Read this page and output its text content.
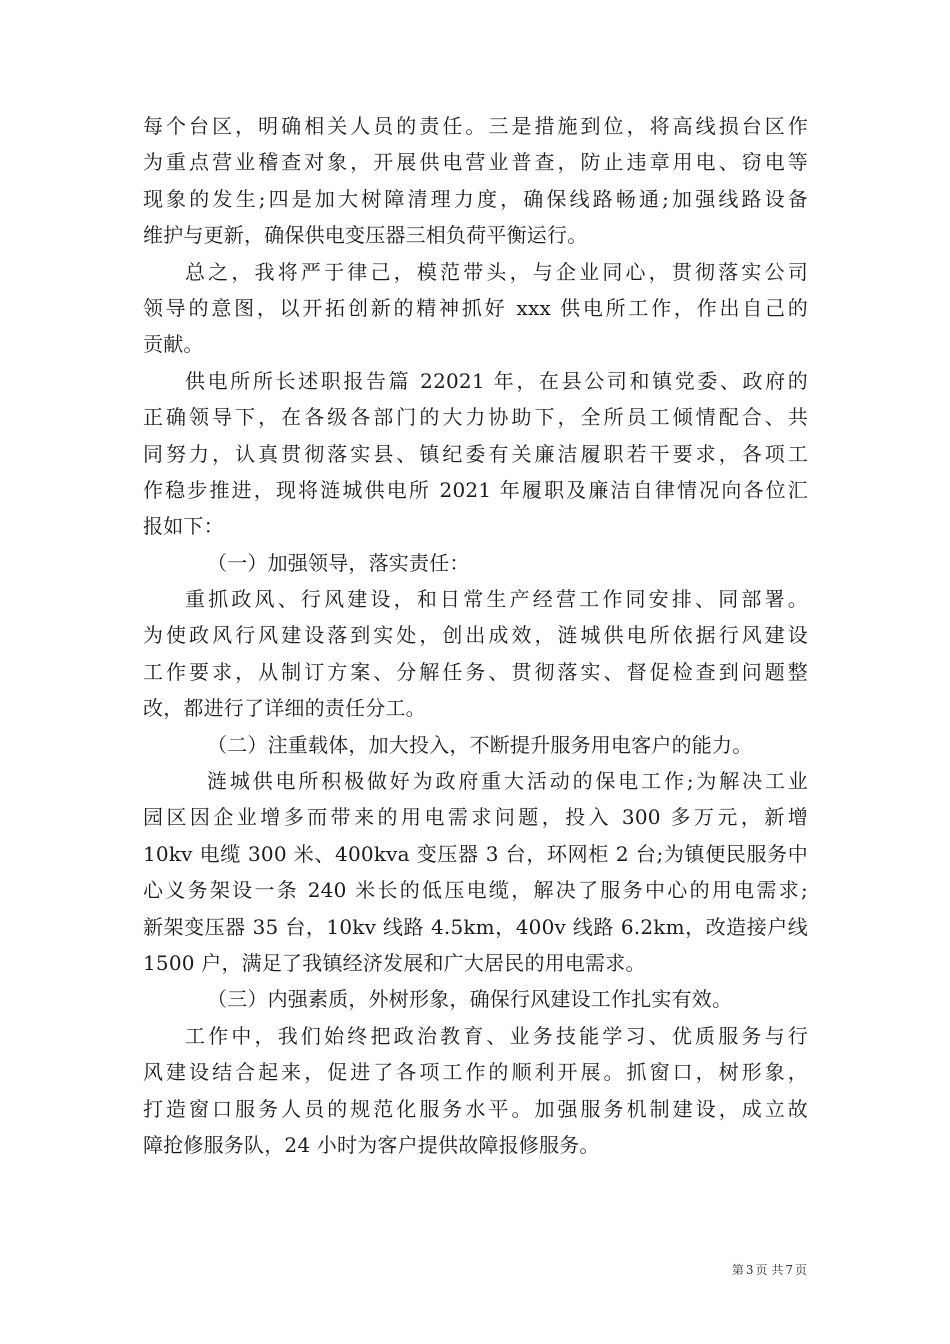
每个台区，明确相关人员的责任。三是措施到位，将高线损台区作
为重点营业稽查对象，开展供电营业普查，防止违章用电、窃电等
现象的发生;四是加大树障清理力度，确保线路畅通;加强线路设备
维护与更新，确保供电变压器三相负荷平衡运行。
总之，我将严于律己，模范带头，与企业同心，贯彻落实公司
领导的意图，以开拓创新的精神抓好 xxx 供电所工作，作出自己的
贡献。
供电所所长述职报告篇 22021 年，在县公司和镇党委、政府的
正确领导下，在各级各部门的大力协助下，全所员工倾情配合、共
同努力，认真贯彻落实县、镇纪委有关廉洁履职若干要求，各项工
作稳步推进，现将涟城供电所 2021 年履职及廉洁自律情况向各位汇
报如下：
（一）加强领导，落实责任：
重抓政风、行风建设，和日常生产经营工作同安排、同部署。
为使政风行风建设落到实处，创出成效，涟城供电所依据行风建设
工作要求，从制订方案、分解任务、贯彻落实、督促检查到问题整
改，都进行了详细的责任分工。
（二）注重载体，加大投入，不断提升服务用电客户的能力。
涟城供电所积极做好为政府重大活动的保电工作;为解决工业
园区因企业增多而带来的用电需求问题，投入 300 多万元，新增
10kv 电缆 300 米、400kva 变压器 3 台，环网柜 2 台;为镇便民服务中
心义务架设一条 240 米长的低压电缆，解决了服务中心的用电需求;
新架变压器 35 台，10kv 线路 4.5km，400v 线路 6.2km，改造接户线
1500 户，满足了我镇经济发展和广大居民的用电需求。
（三）内强素质，外树形象，确保行风建设工作扎实有效。
工作中，我们始终把政治教育、业务技能学习、优质服务与行
风建设结合起来，促进了各项工作的顺利开展。抓窗口，树形象，
打造窗口服务人员的规范化服务水平。加强服务机制建设，成立故
障抢修服务队，24 小时为客户提供故障报修服务。
第 3 页 共 7 页
